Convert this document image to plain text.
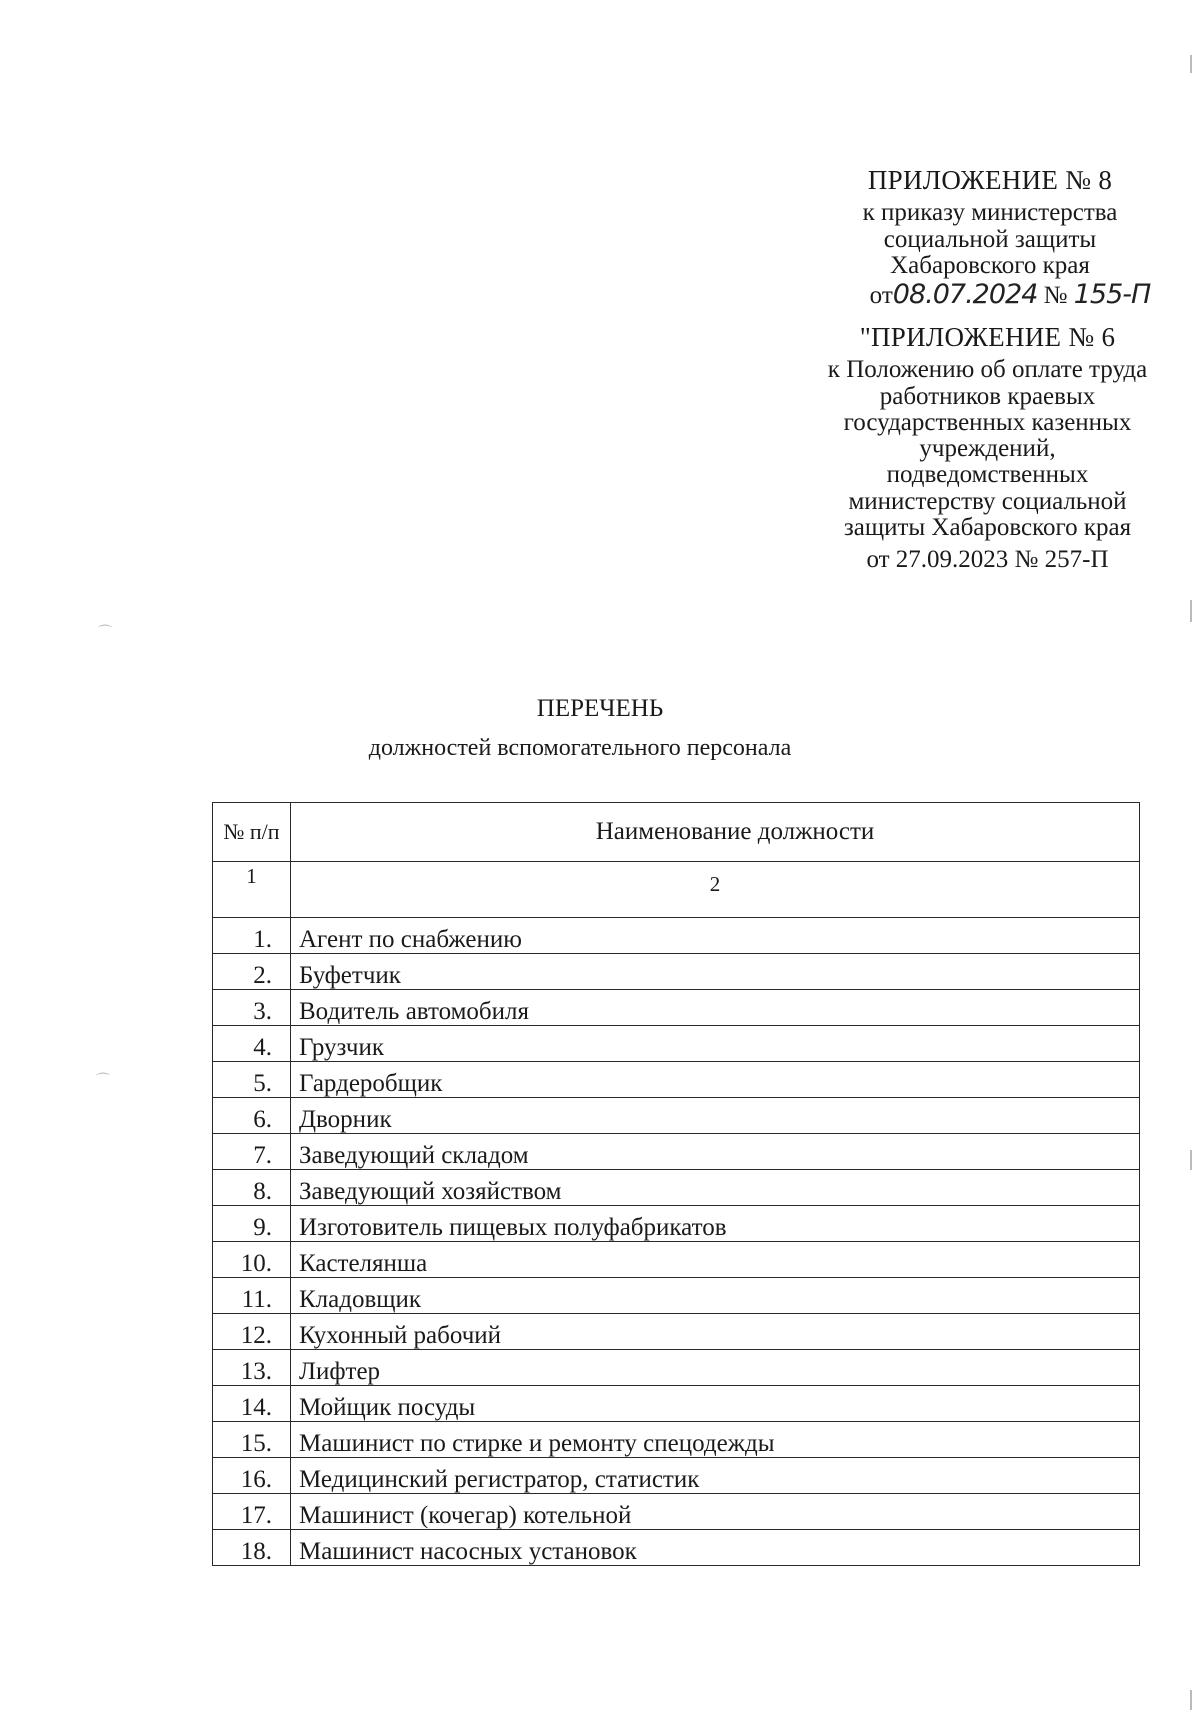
ПРИЛОЖЕНИЕ № 8
к приказу министерства
социальной защиты
Хабаровского края
от08.07.2024 № 155-П
"ПРИЛОЖЕНИЕ № 6
к Положению об оплате труда
работников краевых
государственных казенных
учреждений,
подведомственных
министерству социальной
защиты Хабаровского края
от 27.09.2023 № 257-П
ПЕРЕЧЕНЬ
должностей вспомогательного персонала
№ п/п	Наименование должности
1	2
1.	Агент по снабжению
2.	Буфетчик
3.	Водитель автомобиля
4.	Грузчик
5.	Гардеробщик
6.	Дворник
7.	Заведующий складом
8.	Заведующий хозяйством
9.	Изготовитель пищевых полуфабрикатов
10.	Кастелянша
11.	Кладовщик
12.	Кухонный рабочий
13.	Лифтер
14.	Мойщик посуды
15.	Машинист по стирке и ремонту спецодежды
16.	Медицинский регистратор, статистик
17.	Машинист (кочегар) котельной
18.	Машинист насосных установок
⌒
⌒
